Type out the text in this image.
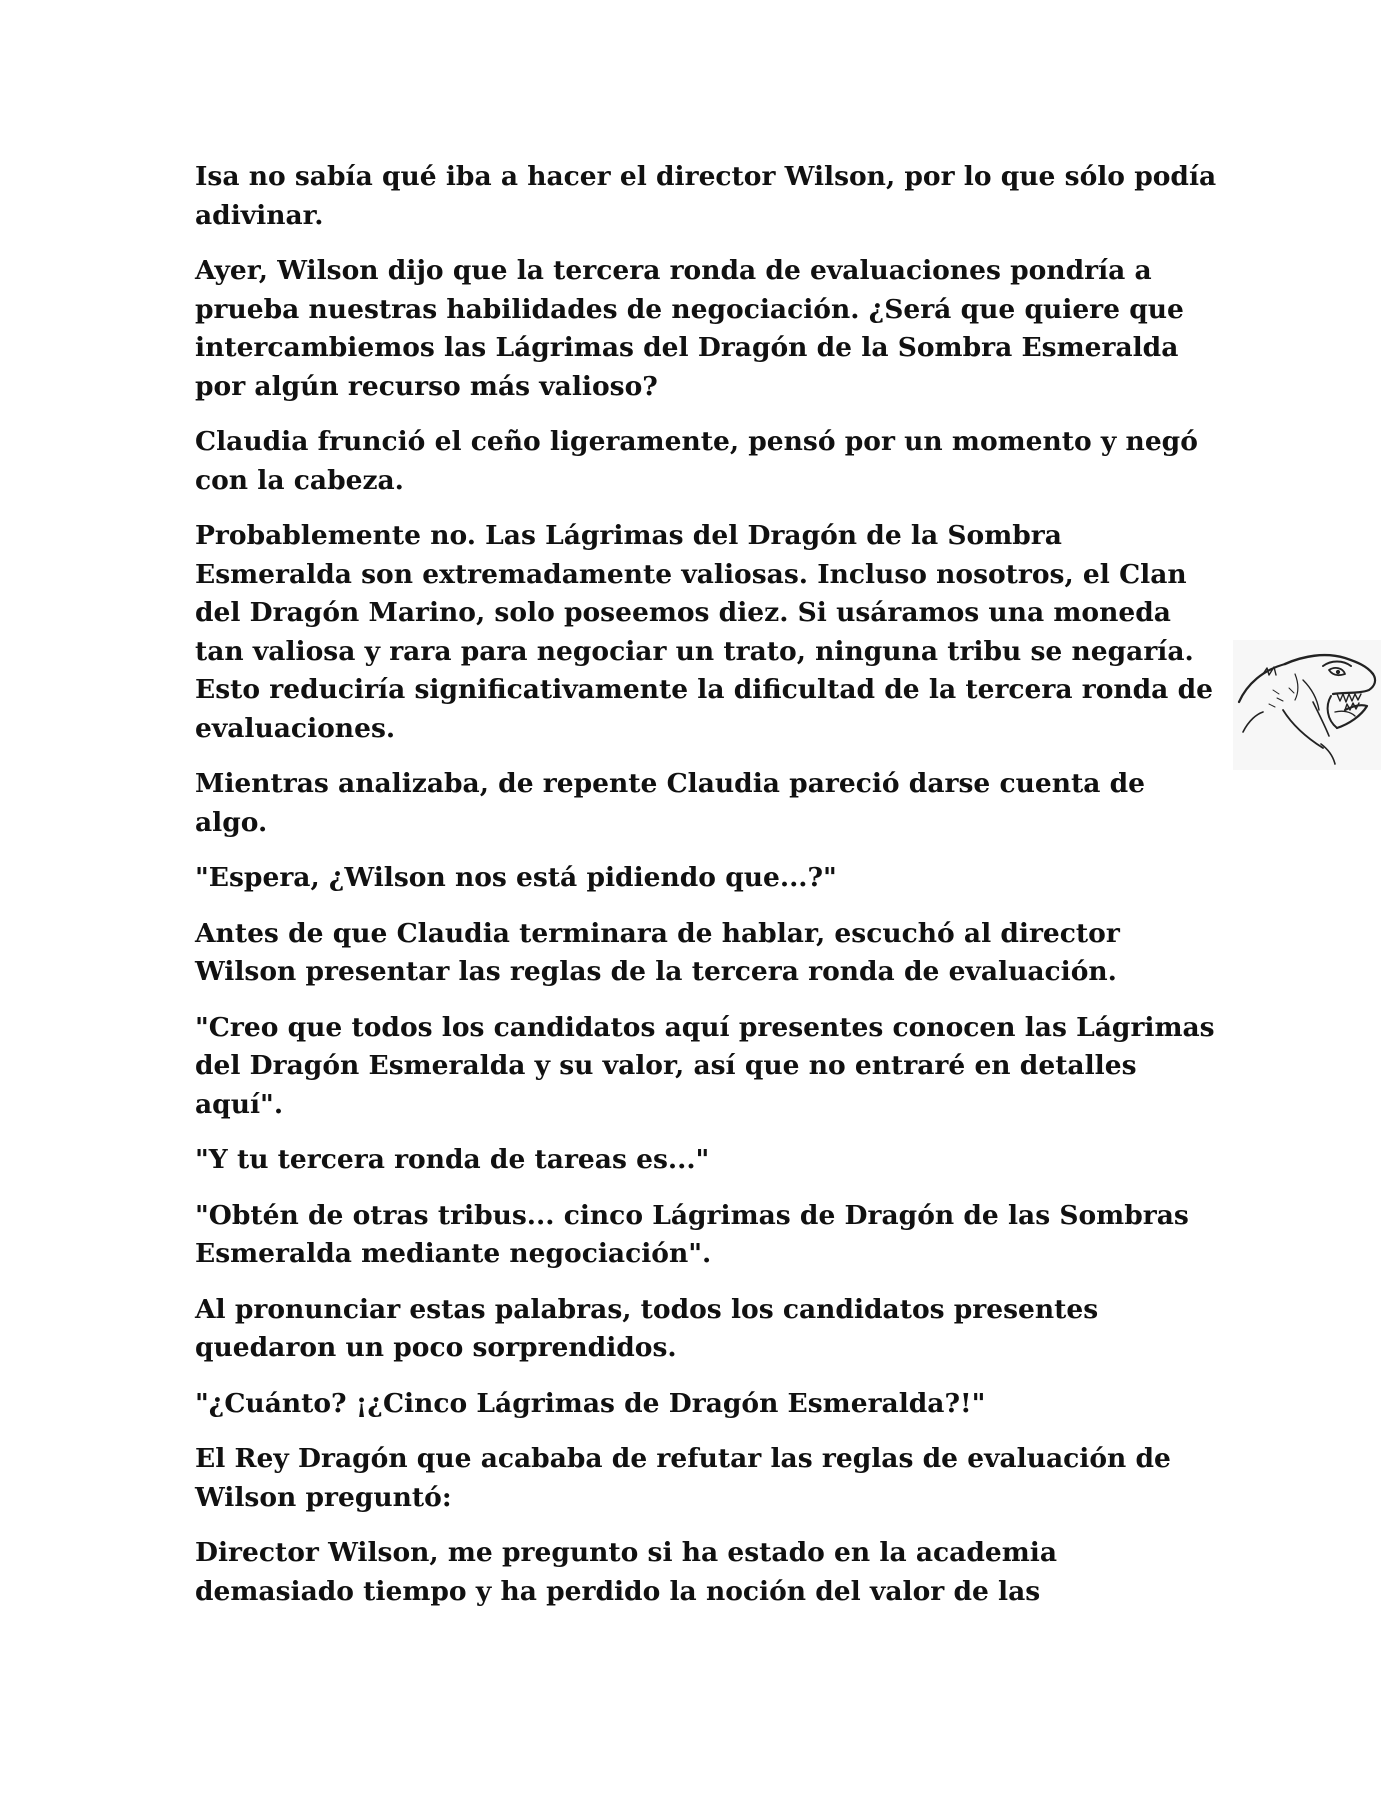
Isa no sabía qué iba a hacer el director Wilson, por lo que sólo podía adivinar.

Ayer, Wilson dijo que la tercera ronda de evaluaciones pondría a prueba nuestras habilidades de negociación. ¿Será que quiere que intercambiemos las Lágrimas del Dragón de la Sombra Esmeralda por algún recurso más valioso?

Claudia frunció el ceño ligeramente, pensó por un momento y negó con la cabeza.

Probablemente no. Las Lágrimas del Dragón de la Sombra Esmeralda son extremadamente valiosas. Incluso nosotros, el Clan del Dragón Marino, solo poseemos diez. Si usáramos una moneda tan valiosa y rara para negociar un trato, ninguna tribu se negaría. Esto reduciría significativamente la dificultad de la tercera ronda de evaluaciones.

Mientras analizaba, de repente Claudia pareció darse cuenta de algo.

"Espera, ¿Wilson nos está pidiendo que...?"

Antes de que Claudia terminara de hablar, escuchó al director Wilson presentar las reglas de la tercera ronda de evaluación.

"Creo que todos los candidatos aquí presentes conocen las Lágrimas del Dragón Esmeralda y su valor, así que no entraré en detalles aquí".

"Y tu tercera ronda de tareas es..."

"Obtén de otras tribus... cinco Lágrimas de Dragón de las Sombras Esmeralda mediante negociación".

Al pronunciar estas palabras, todos los candidatos presentes quedaron un poco sorprendidos.

"¿Cuánto? ¡¿Cinco Lágrimas de Dragón Esmeralda?!"

El Rey Dragón que acababa de refutar las reglas de evaluación de Wilson preguntó:

Director Wilson, me pregunto si ha estado en la academia demasiado tiempo y ha perdido la noción del valor de las
